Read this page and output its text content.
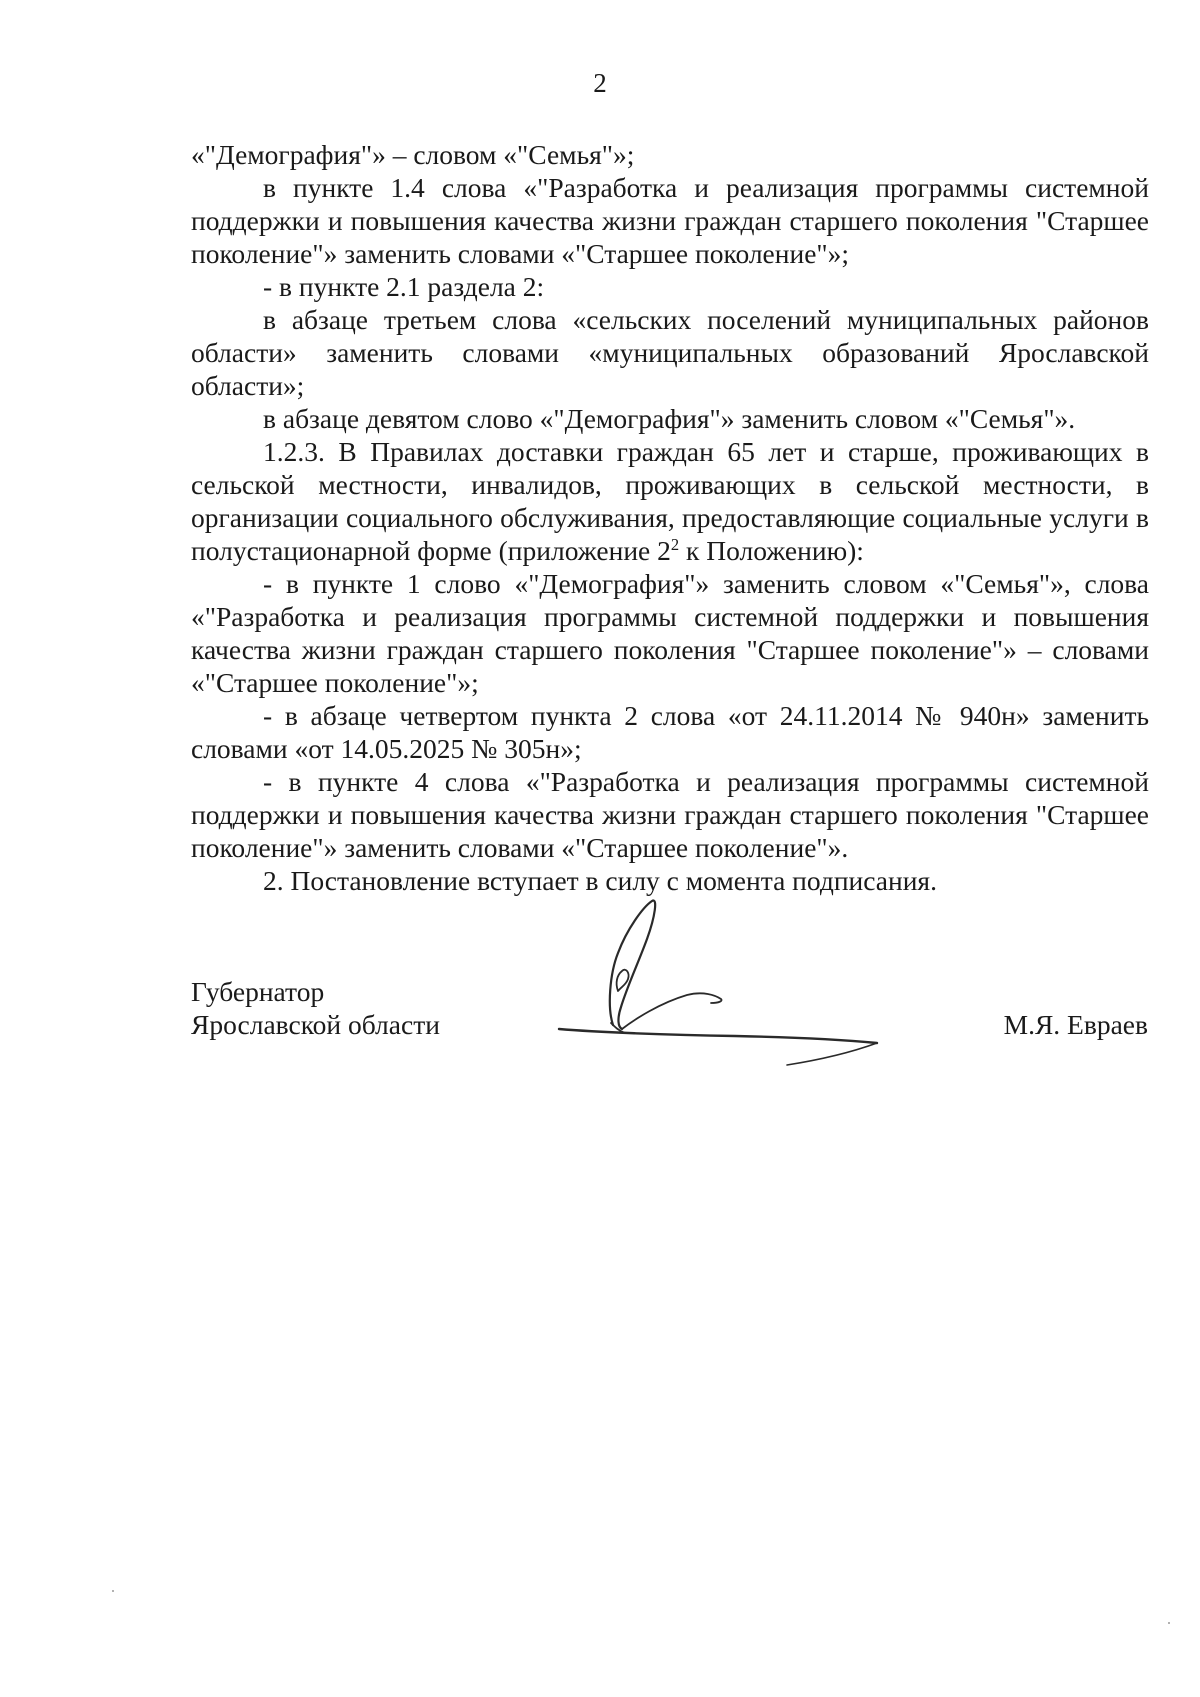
2

«"Демография"» – словом «"Семья"»;

в пункте 1.4 слова «"Разработка и реализация программы системной поддержки и повышения качества жизни граждан старшего поколения "Старшее поколение"» заменить словами «"Старшее поколение"»;

- в пункте 2.1 раздела 2:

в абзаце третьем слова «сельских поселений муниципальных районов области» заменить словами «муниципальных образований Ярославской области»;

в абзаце девятом слово «"Демография"» заменить словом «"Семья"».

1.2.3. В Правилах доставки граждан 65 лет и старше, проживающих в сельской местности, инвалидов, проживающих в сельской местности, в организации социального обслуживания, предоставляющие социальные услуги в полустационарной форме (приложение $2^2$ к Положению):

- в пункте 1 слово «"Демография"» заменить словом «"Семья"», слова «"Разработка и реализация программы системной поддержки и повышения качества жизни граждан старшего поколения "Старшее поколение"» – словами «"Старшее поколение"»;

- в абзаце четвертом пункта 2 слова «от 24.11.2014 № 940н» заменить словами «от 14.05.2025 № 305н»;

- в пункте 4 слова «"Разработка и реализация программы системной поддержки и повышения качества жизни граждан старшего поколения "Старшее поколение"» заменить словами «"Старшее поколение"».

2. Постановление вступает в силу с момента подписания.

Губернатор
Ярославской области	М.Я. Евраев
